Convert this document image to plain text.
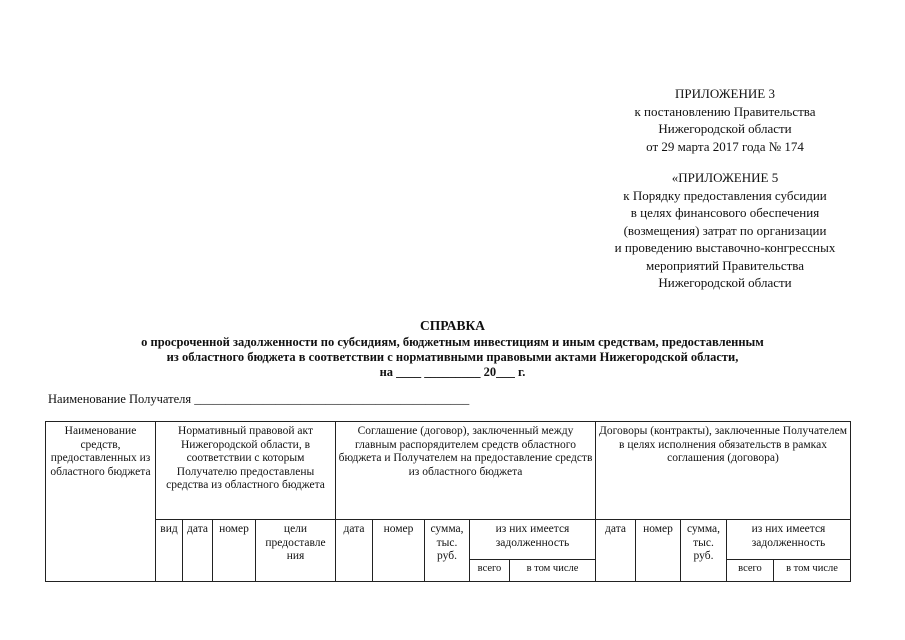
ПРИЛОЖЕНИЕ 3
к постановлению Правительства
Нижегородской области
от 29 марта 2017 года № 174
«ПРИЛОЖЕНИЕ 5
к Порядку предоставления субсидии
в целях финансового обеспечения
(возмещения) затрат по организации
и проведению выставочно-конгрессных
мероприятий Правительства
Нижегородской области
СПРАВКА
о просроченной задолженности по субсидиям, бюджетным инвестициям и иным средствам, предоставленным
из областного бюджета в соответствии с нормативными правовыми актами Нижегородской области,
на ____ _________ 20___ г.
Наименование Получателя ____________________________________________
Наименование средств, предоставленных из областного бюджета	Нормативный правовой акт Нижегородской области, в соответствии с которым Получателю предоставлены средства из областного бюджета				Соглашение (договор), заключенный между главным распорядителем средств областного бюджета и Получателем на предоставление средств из областного бюджета					Договоры (контракты), заключенные Получателем в целях исполнения обязательств в рамках соглашения (договора)				
	вид	дата	номер	цели предоставле ния	дата	номер	сумма, тыс. руб.	из них имеется задолженность		дата	номер	сумма, тыс. руб.	из них имеется задолженность	
								всего	в том числе				всего	в том числе
